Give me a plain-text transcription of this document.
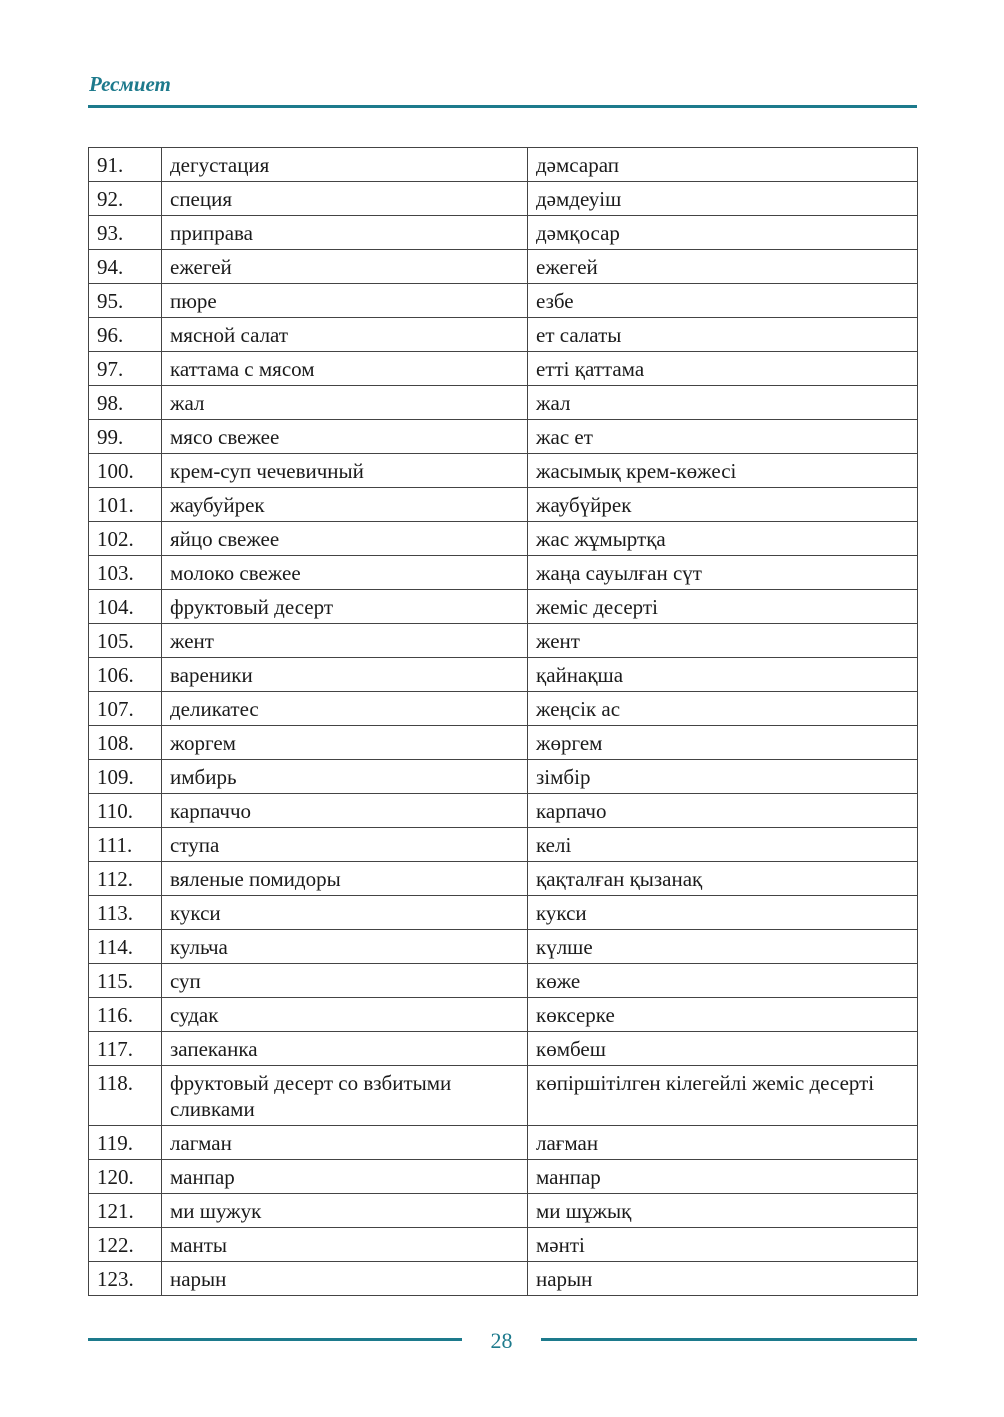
Ресмиет
91.	дегустация	дәмсарап
92.	специя	дәмдеуіш
93.	приправа	дәмқосар
94.	ежегей	ежегей
95.	пюре	езбе
96.	мясной салат	ет салаты
97.	каттама с мясом	етті қаттама
98.	жал	жал
99.	мясо свежее	жас ет
100.	крем-суп чечевичный	жасымық крем-көжесі
101.	жаубуйрек	жаубүйрек
102.	яйцо свежее	жас жұмыртқа
103.	молоко свежее	жаңа сауылған сүт
104.	фруктовый десерт	жеміс десерті
105.	жент	жент
106.	вареники	қайнақша
107.	деликатес	жеңсік ас
108.	жоргем	жөргем
109.	имбирь	зімбір
110.	карпаччо	карпачо
111.	ступа	келі
112.	вяленые помидоры	қақталған қызанақ
113.	кукси	кукси
114.	кульча	күлше
115.	суп	көже
116.	судак	көксерке
117.	запеканка	көмбеш
118.	фруктовый десерт со взбитыми сливками	көпіршітілген кілегейлі жеміс десерті
119.	лагман	лағман
120.	манпар	манпар
121.	ми шужук	ми шұжық
122.	манты	мәнті
123.	нарын	нарын
28
